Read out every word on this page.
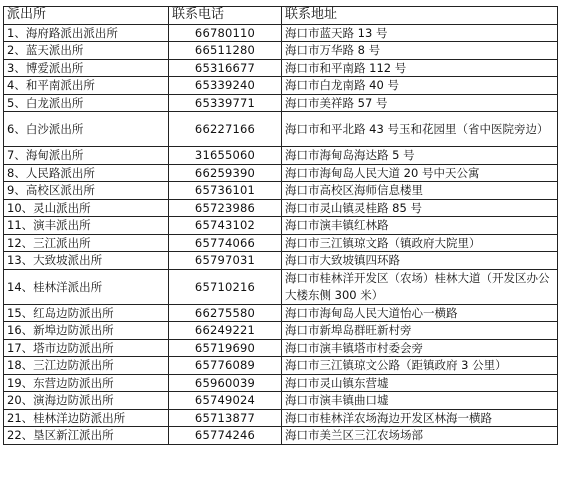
派出所	联系电话	联系地址
1、海府路派出派出所	66780110	海口市蓝天路 13 号
2、蓝天派出所	66511280	海口市万华路 8 号
3、博爱派出所	65316677	海口市和平南路 112 号
4、和平南派出所	65339240	海口市白龙南路 40 号
5、白龙派出所	65339771	海口市美祥路 57 号
6、白沙派出所	66227166	海口市和平北路 43 号玉和花园里（省中医院旁边）
7、海甸派出所	31655060	海口市海甸岛海达路 5 号
8、人民路派出所	66259390	海口市海甸岛人民大道 20 号中天公寓
9、高校区派出所	65736101	海口市高校区海师信息楼里
10、灵山派出所	65723986	海口市灵山镇灵桂路 85 号
11、演丰派出所	65743102	海口市演丰镇红林路
12、三江派出所	65774066	海口市三江镇琼文路（镇政府大院里）
13、大致坡派出所	65797031	海口市大致坡镇四环路
14、桂林洋派出所	65710216	海口市桂林洋开发区（农场）桂林大道（开发区办公大楼东侧 300 米）
15、红岛边防派出所	66275580	海口市海甸岛人民大道怡心一横路
16、新埠边防派出所	66249221	海口市新埠岛群旺新村旁
17、塔市边防派出所	65719690	海口市演丰镇塔市村委会旁
18、三江边防派出所	65776089	海口市三江镇琼文公路（距镇政府 3 公里）
19、东营边防派出所	65960039	海口市灵山镇东营墟
20、演海边防派出所	65749024	海口市演丰镇曲口墟
21、桂林洋边防派出所	65713877	海口市桂林洋农场海边开发区林海一横路
22、垦区新江派出所	65774246	海口市美兰区三江农场场部
